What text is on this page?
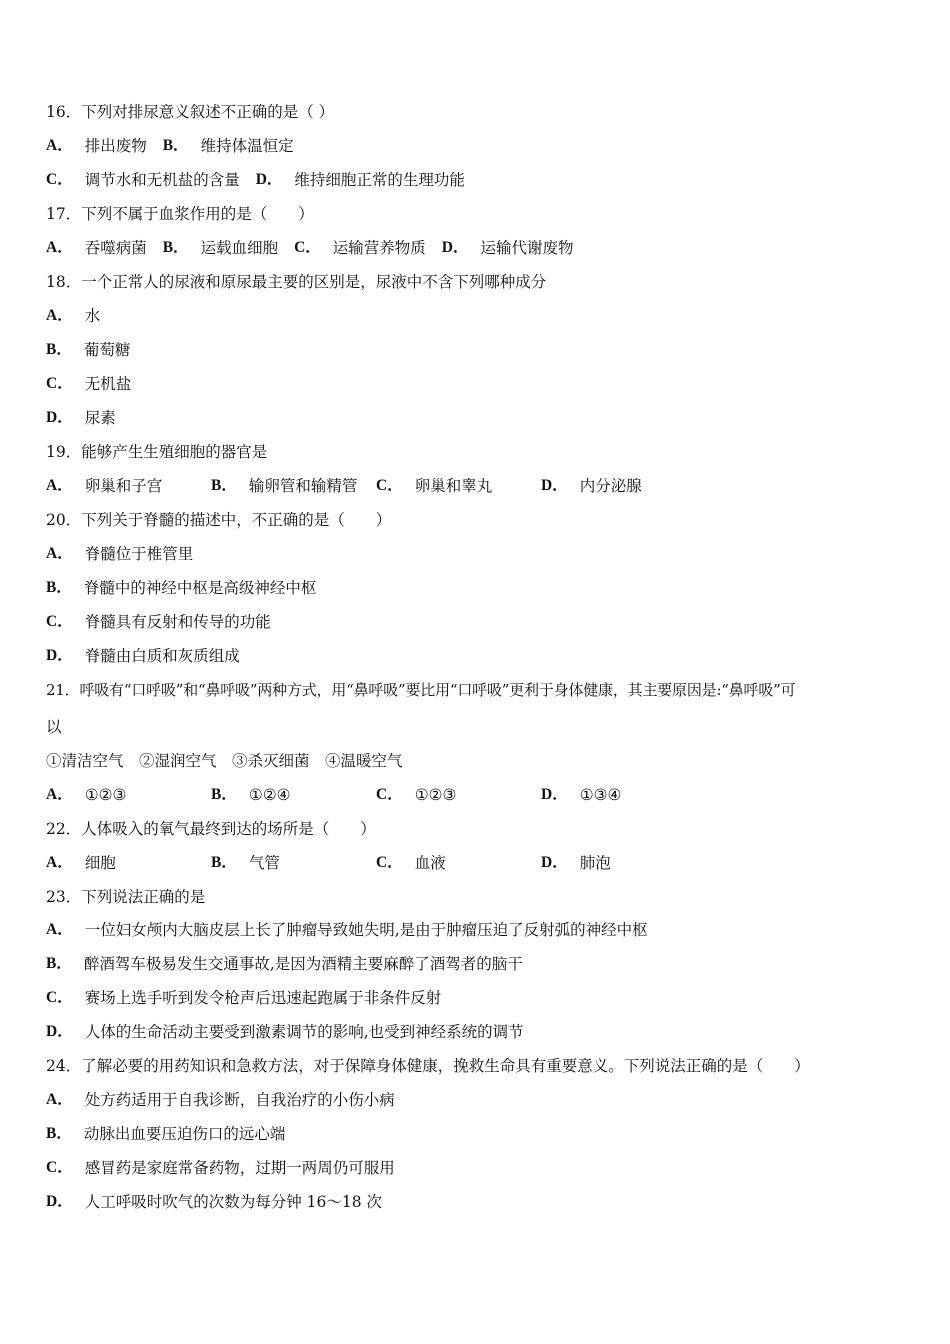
16．下列对排尿意义叙述不正确的是（ ）
A． 排出废物 B． 维持体温恒定
C． 调节水和无机盐的含量 D． 维持细胞正常的生理功能
17．下列不属于血浆作用的是（　　）
A． 吞噬病菌 B． 运载血细胞 C． 运输营养物质 D． 运输代谢废物
18．一个正常人的尿液和原尿最主要的区别是，尿液中不含下列哪种成分
A． 水
B． 葡萄糖
C． 无机盐
D． 尿素
19．能够产生生殖细胞的器官是
A． 卵巢和子宫	B． 输卵管和输精管 C． 卵巢和睾丸	D． 内分泌腺
20．下列关于脊髓的描述中，不正确的是（　　）
A． 脊髓位于椎管里
B． 脊髓中的神经中枢是高级神经中枢
C． 脊髓具有反射和传导的功能
D． 脊髓由白质和灰质组成
21．呼吸有“口呼吸”和“鼻呼吸”两种方式，用“鼻呼吸”要比用“口呼吸”更利于身体健康，其主要原因是:“鼻呼吸”可
以
①清洁空气　②湿润空气　③杀灭细菌　④温暖空气
A． ①②③	B． ①②④	C． ①②③	D． ①③④
22．人体吸入的氧气最终到达的场所是（　　）
A． 细胞	B． 气管	C． 血液	D． 肺泡
23．下列说法正确的是
A． 一位妇女颅内大脑皮层上长了肿瘤导致她失明,是由于肿瘤压迫了反射弧的神经中枢
B． 醉酒驾车极易发生交通事故,是因为酒精主要麻醉了酒驾者的脑干
C． 赛场上选手听到发令枪声后迅速起跑属于非条件反射
D． 人体的生命活动主要受到激素调节的影响,也受到神经系统的调节
24．了解必要的用药知识和急救方法，对于保障身体健康，挽救生命具有重要意义。下列说法正确的是（　　）
A． 处方药适用于自我诊断，自我治疗的小伤小病
B． 动脉出血要压迫伤口的远心端
C． 感冒药是家庭常备药物，过期一两周仍可服用
D． 人工呼吸时吹气的次数为每分钟 16～18 次
